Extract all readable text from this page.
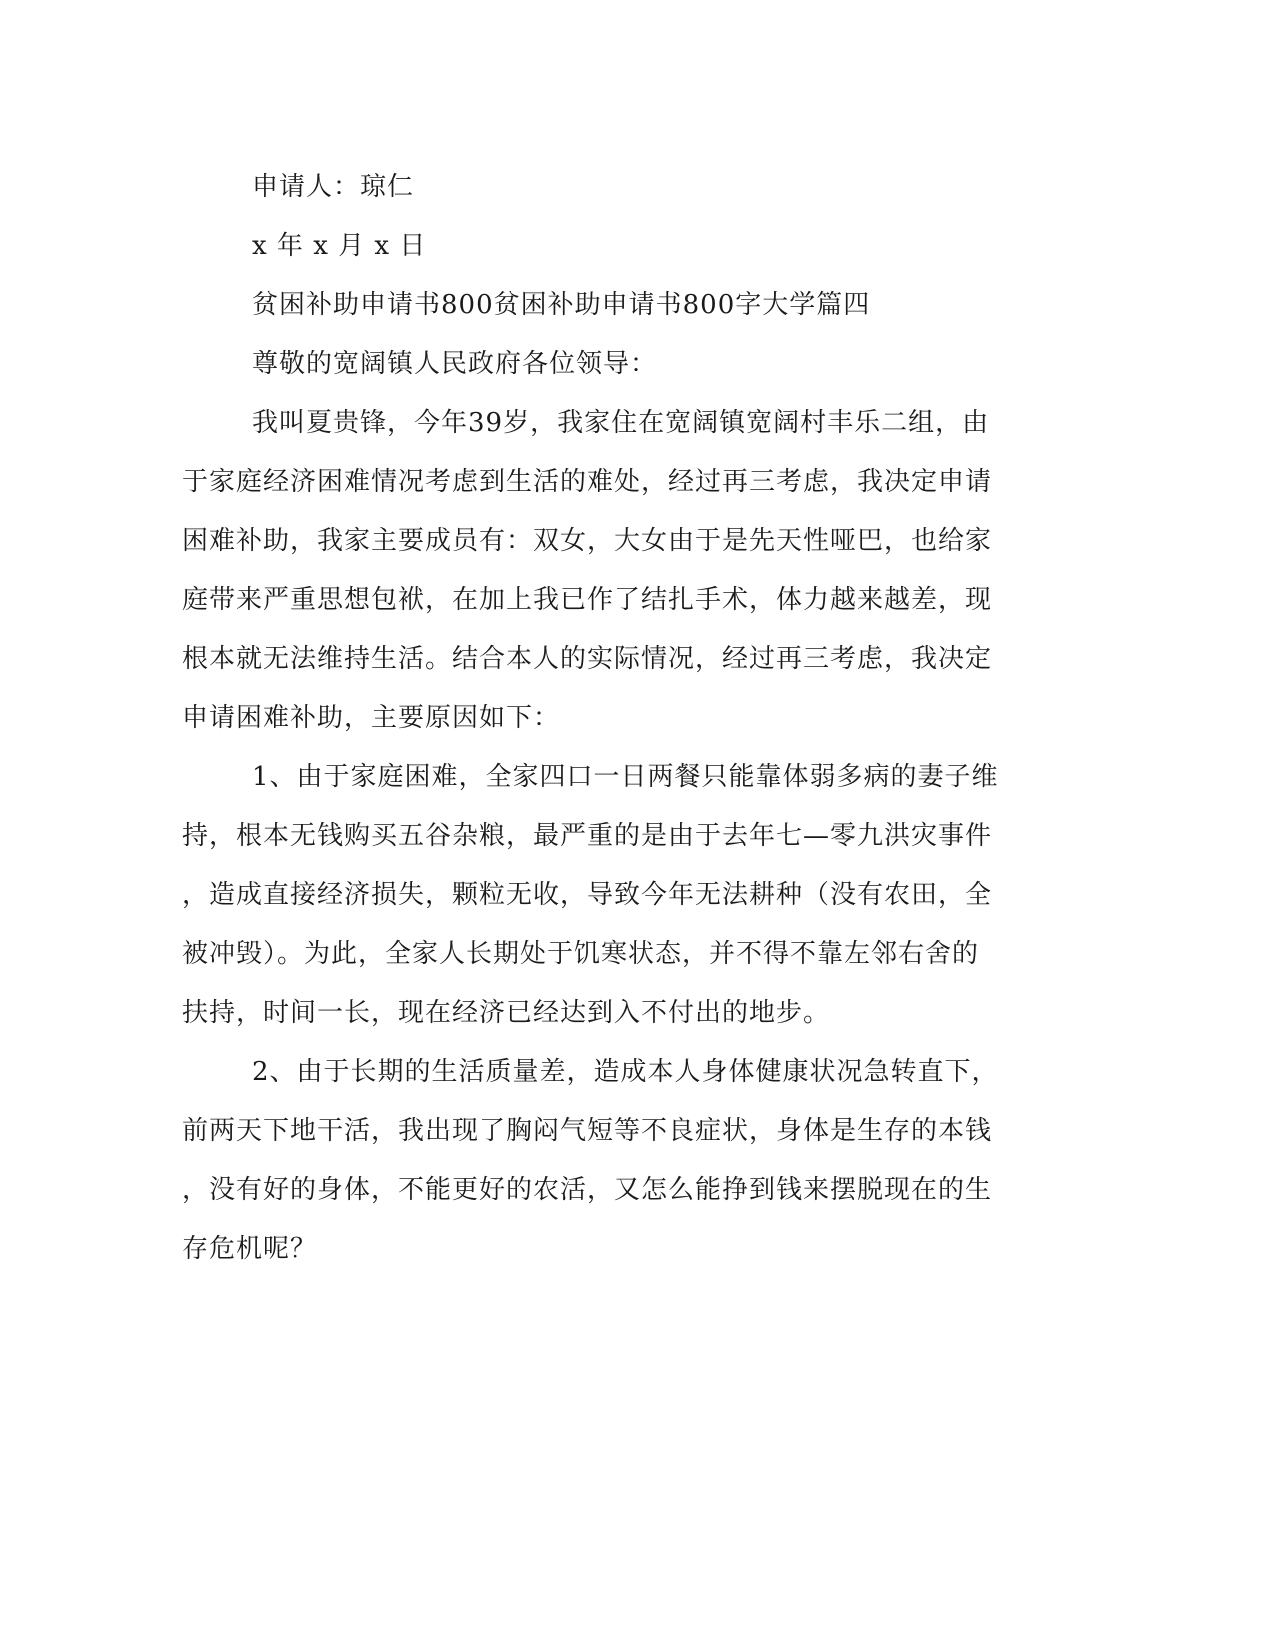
申请人：琼仁
x 年 x 月 x 日
贫困补助申请书800贫困补助申请书800字大学篇四
尊敬的宽阔镇人民政府各位领导：
我叫夏贵锋，今年39岁，我家住在宽阔镇宽阔村丰乐二组，由
于家庭经济困难情况考虑到生活的难处，经过再三考虑，我决定申请
困难补助，我家主要成员有：双女，大女由于是先天性哑巴，也给家
庭带来严重思想包袱，在加上我已作了结扎手术，体力越来越差，现
根本就无法维持生活。结合本人的实际情况，经过再三考虑，我决定
申请困难补助，主要原因如下：
1、由于家庭困难，全家四口一日两餐只能靠体弱多病的妻子维
持，根本无钱购买五谷杂粮，最严重的是由于去年七—零九洪灾事件
，造成直接经济损失，颗粒无收，导致今年无法耕种（没有农田，全
被冲毁）。为此，全家人长期处于饥寒状态，并不得不靠左邻右舍的
扶持，时间一长，现在经济已经达到入不付出的地步。
2、由于长期的生活质量差，造成本人身体健康状况急转直下，
前两天下地干活，我出现了胸闷气短等不良症状，身体是生存的本钱
，没有好的身体，不能更好的农活，又怎么能挣到钱来摆脱现在的生
存危机呢？
